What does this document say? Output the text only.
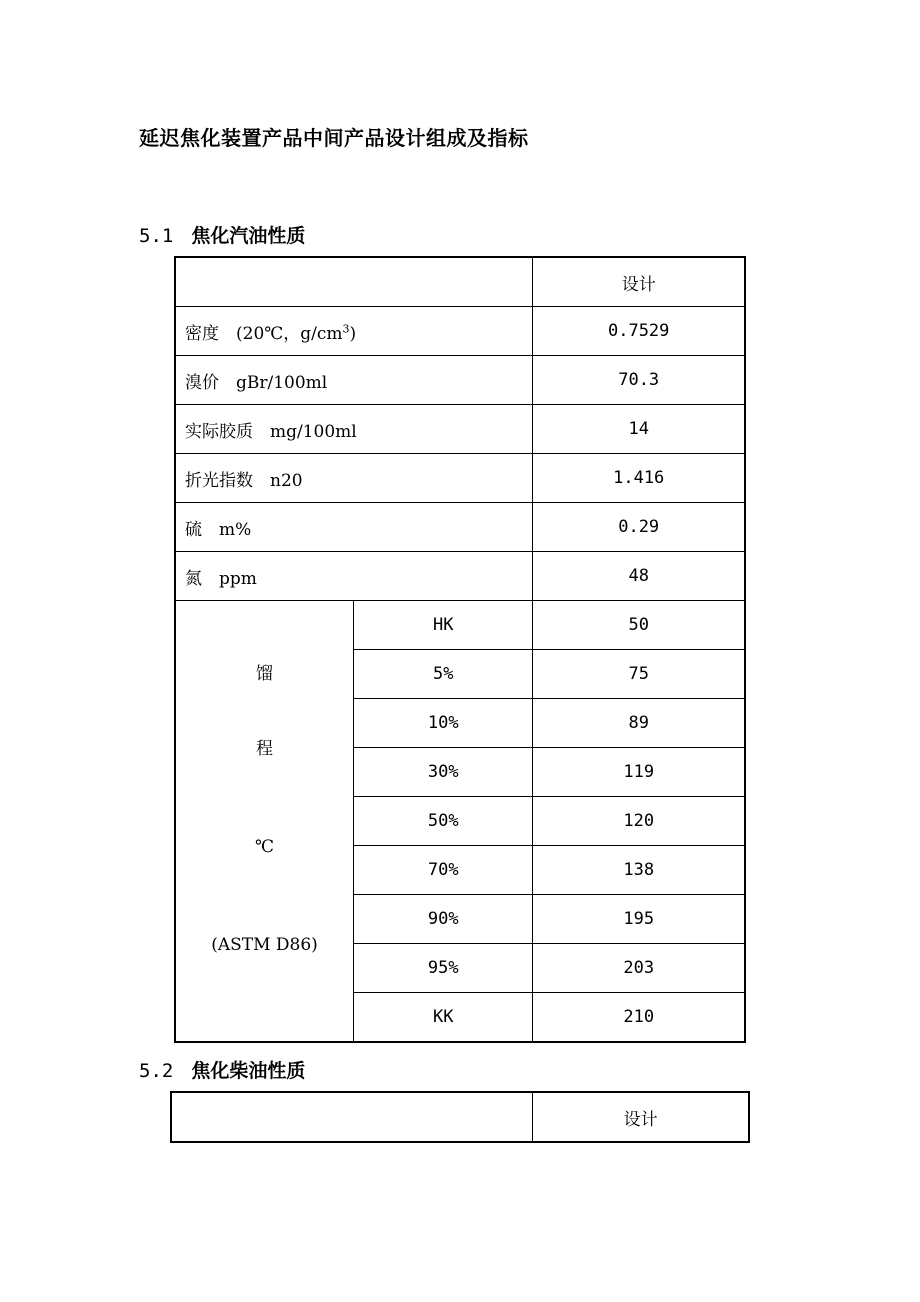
延迟焦化装置产品中间产品设计组成及指标
5.1 焦化汽油性质
		设计
密度　(20℃，$g/cm^3$)		0.7529
溴价　gBr/100ml		70.3
实际胶质　mg/100ml		14
折光指数　n20		1.416
硫　m%		0.29
氮　ppm		48

馏
程
℃
(ASTM D86)	HK	50
	5%	75
	10%	89
	30%	119
	50%	120
	70%	138
	90%	195
	95%	203
	KK	210
5.2 焦化柴油性质
	设计
